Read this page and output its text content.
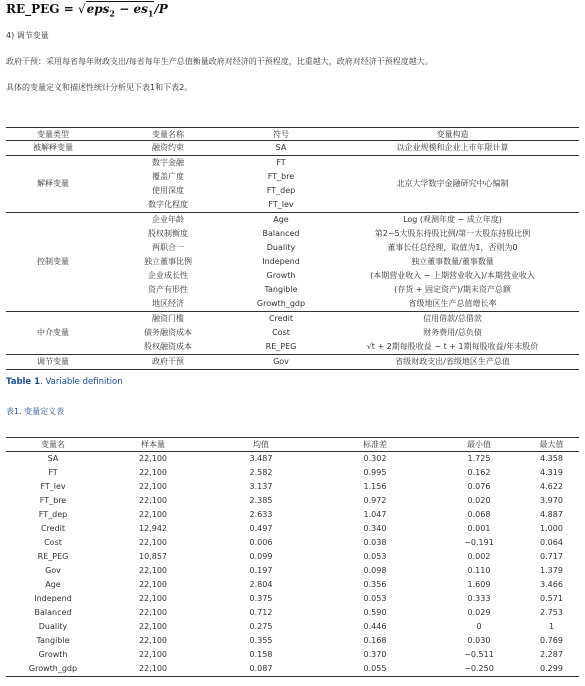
RE_PEG = $√eps_2 - es_1/P$
4) 调节变量
政府干预：采用每省每年财政支出/每省每年生产总值衡量政府对经济的干预程度，比重越大，政府对经济干预程度越大。
具体的变量定义和描述性统计分析见下表1和下表2。
变量类型	变量名称	符号	变量构造
被解释变量	融资约束	SA	以企业规模和企业上市年限计算
解释变量	数字金融	FT	北京大学数字金融研究中心编制
	覆盖广度	FT_bre	
	使用深度	FT_dep	
	数字化程度	FT_lev	
控制变量	企业年龄	Age	Log (观测年度 − 成立年度)
	股权制衡度	Balanced	第2~5大股东持股比例/第一大股东持股比例
	两职合一	Duality	董事长任总经理，取值为1，否则为0
	独立董事比例	Independ	独立董事数量/董事数量
	企业成长性	Growth	(本期营业收入 − 上期营业收入)/本期营业收入
	资产有形性	Tangible	(存货 + 固定资产)/期末资产总额
	地区经济	Growth_gdp	省级地区生产总值增长率
中介变量	融资门槛	Credit	信用借款/总借款
	债务融资成本	Cost	财务费用/总负债
	股权融资成本	RE_PEG	√t + 2期每股收益 − t + 1期每股收益/年末股价
调节变量	政府干预	Gov	省级财政支出/省级地区生产总值
Table 1. Variable definition
表1. 变量定义表
变量名	样本量	均值	标准差	最小值	最大值
SA	22,100	3.487	0.302	1.725	4.358
FT	22,100	2.582	0.995	0.162	4.319
FT_lev	22,100	3.137	1.156	0.076	4.622
FT_bre	22,100	2.385	0.972	0.020	3.970
FT_dep	22,100	2.633	1.047	0.068	4.887
Credit	12,942	0.497	0.340	0.001	1.000
Cost	22,100	0.006	0.038	−0.191	0.064
RE_PEG	10,857	0.099	0.053	0.002	0.717
Gov	22,100	0.197	0.098	0.110	1.379
Age	22,100	2.804	0.356	1.609	3.466
Independ	22,100	0.375	0.053	0.333	0.571
Balanced	22,100	0.712	0.590	0.029	2.753
Duality	22,100	0.275	0.446	0	1
Tangible	22,100	0.355	0.168	0.030	0.769
Growth	22,100	0.158	0.370	−0.511	2.287
Growth_gdp	22,100	0.087	0.055	−0.250	0.299
